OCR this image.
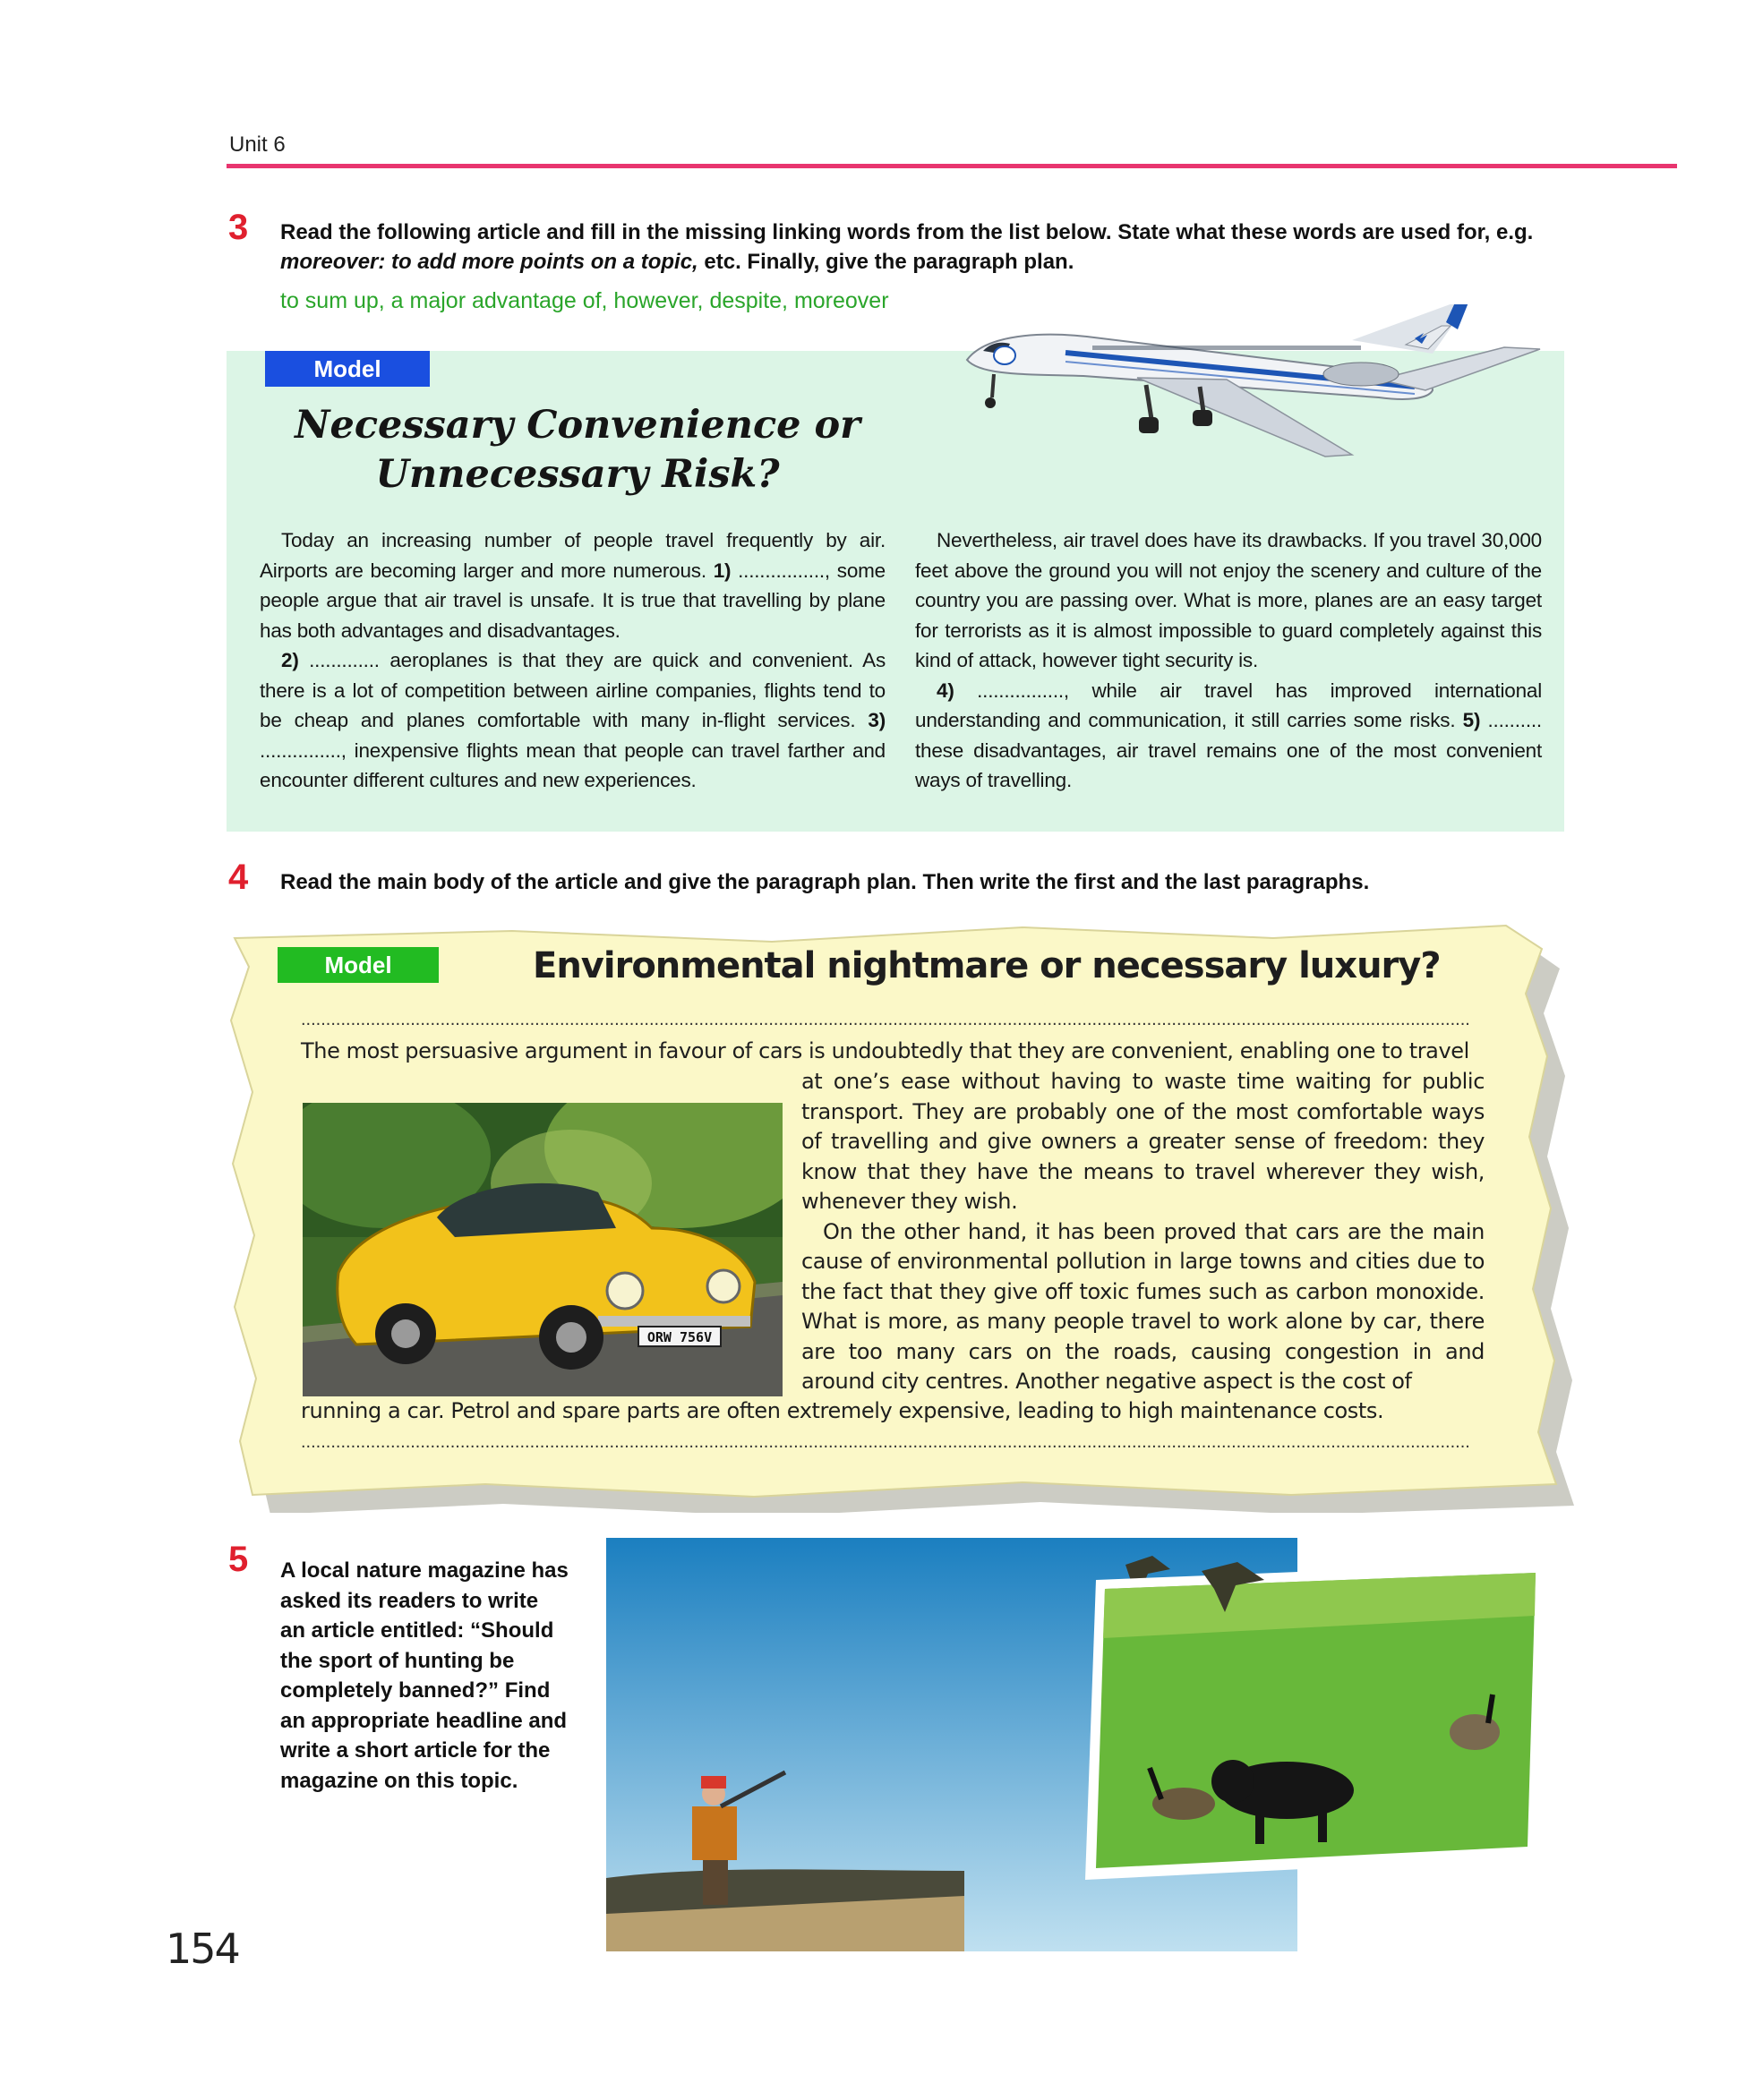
Unit 6
3 Read the following article and fill in the missing linking words from the list below. State what these words are used for, e.g. moreover: to add more points on a topic, etc. Finally, give the paragraph plan.
to sum up, a major advantage of, however, despite, moreover
Model
Necessary Convenience or
Unnecessary Risk?

Today an increasing number of people travel frequently by air. Airports are becoming larger and more numerous. 1) ................, some people argue that air travel is unsafe. It is true that travelling by plane has both advantages and disadvantages.

2) ............. aeroplanes is that they are quick and convenient. As there is a lot of competition between airline companies, flights tend to be cheap and planes comfortable with many in-flight services. 3) ..............., inexpensive flights mean that people can travel farther and encounter different cultures and new experiences.

Nevertheless, air travel does have its drawbacks. If you travel 30,000 feet above the ground you will not enjoy the scenery and culture of the country you are passing over. What is more, planes are an easy target for terrorists as it is almost impossible to guard completely against this kind of attack, however tight security is.

4) ................, while air travel has improved international understanding and communication, it still carries some risks. 5) .......... these disadvantages, air travel remains one of the most convenient ways of travelling.

4 Read the main body of the article and give the paragraph plan. Then write the first and the last paragraphs.
Model	Environmental nightmare or necessary luxury?
...........................................................................................................................................................................................................................................
The most persuasive argument in favour of cars is undoubtedly that they are convenient, enabling one to travel

at one’s ease without having to waste time waiting for public transport. They are probably one of the most comfortable ways of travelling and give owners a greater sense of freedom: they know that they have the means to travel wherever they wish, whenever they wish.

On the other hand, it has been proved that cars are the main cause of environmental pollution in large towns and cities due to the fact that they give off toxic fumes such as carbon monoxide. What is more, as many people travel to work alone by car, there are too many cars on the roads, causing congestion in and around city centres. Another negative aspect is the cost of

running a car. Petrol and spare parts are often extremely expensive, leading to high maintenance costs.
...........................................................................................................................................................................................................................................
ORW 756V
5 A local nature magazine has asked its readers to write an article entitled: “Should the sport of hunting be completely banned?” Find an appropriate headline and write a short article for the magazine on this topic.
154
